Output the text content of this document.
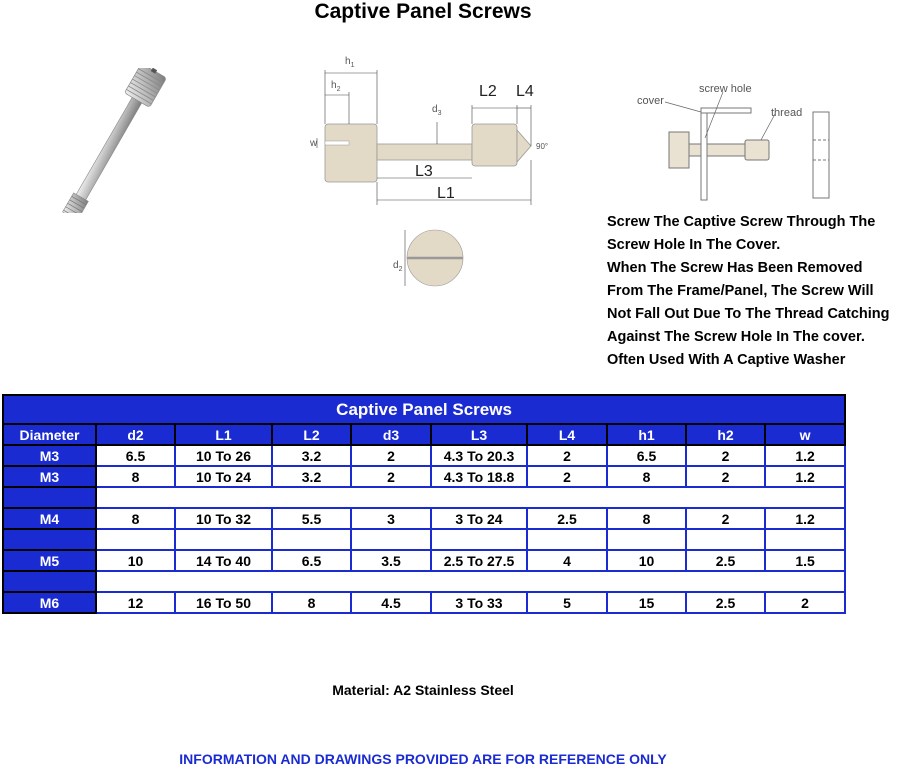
Captive Panel Screws
$h_1$
$h_2$
$d_3$
w	90°
$d_2$
L2 L4
L3
L1
cover
screw hole
thread
Screw The Captive Screw Through The
Screw Hole In The Cover.
When The Screw Has Been Removed
From The Frame/Panel, The Screw Will
Not Fall Out Due To The Thread Catching
Against The Screw Hole In The cover.
Often Used With A Captive Washer
Captive Panel Screws									
Diameter	d2	L1	L2	d3	L3	L4	h1	h2	w
M3	6.5	10 To 26	3.2	2	4.3 To 20.3	2	6.5	2	1.2
M3	8	10 To 24	3.2	2	4.3 To 18.8	2	8	2	1.2

M4	8	10 To 32	5.5	3	3 To 24	2.5	8	2	1.2

M5	10	14 To 40	6.5	3.5	2.5 To 27.5	4	10	2.5	1.5

M6	12	16 To 50	8	4.5	3 To 33	5	15	2.5	2
Material: A2 Stainless Steel
INFORMATION AND DRAWINGS PROVIDED ARE FOR REFERENCE ONLY
